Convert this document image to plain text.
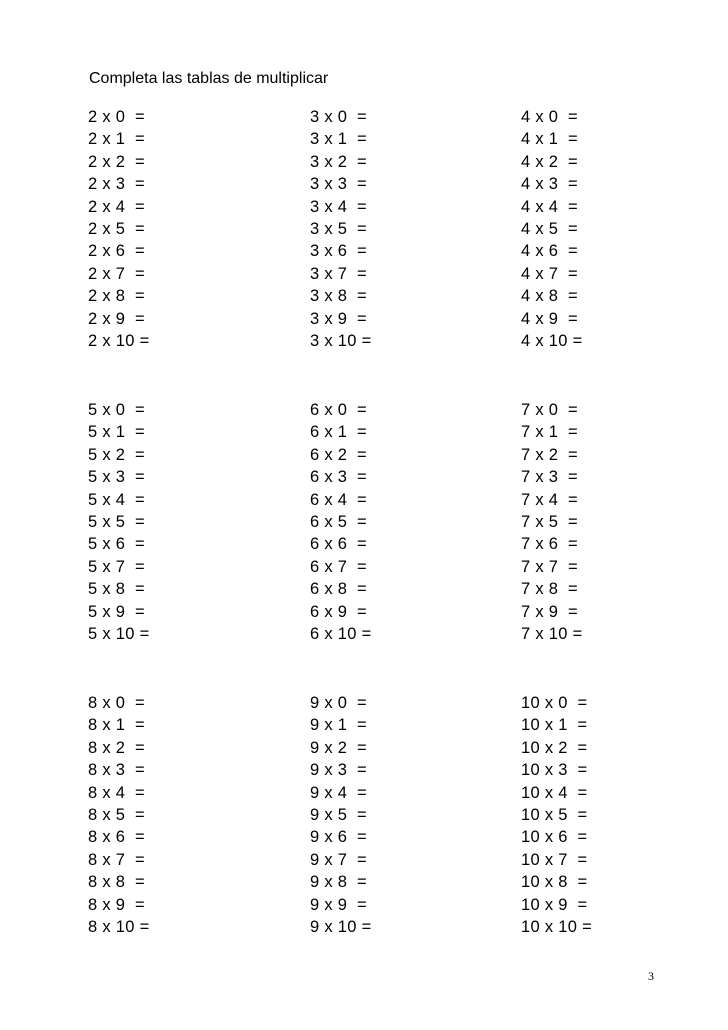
Completa las tablas de multiplicar
2 x 0  =
2 x 1  =
2 x 2  =
2 x 3  =
2 x 4  =
2 x 5  =
2 x 6  =
2 x 7  =
2 x 8  =
2 x 9  =
2 x 10 =
3 x 0  =
3 x 1  =
3 x 2  =
3 x 3  =
3 x 4  =
3 x 5  =
3 x 6  =
3 x 7  =
3 x 8  =
3 x 9  =
3 x 10 =
4 x 0  =
4 x 1  =
4 x 2  =
4 x 3  =
4 x 4  =
4 x 5  =
4 x 6  =
4 x 7  =
4 x 8  =
4 x 9  =
4 x 10 =
5 x 0  =
5 x 1  =
5 x 2  =
5 x 3  =
5 x 4  =
5 x 5  =
5 x 6  =
5 x 7  =
5 x 8  =
5 x 9  =
5 x 10 =
6 x 0  =
6 x 1  =
6 x 2  =
6 x 3  =
6 x 4  =
6 x 5  =
6 x 6  =
6 x 7  =
6 x 8  =
6 x 9  =
6 x 10 =
7 x 0  =
7 x 1  =
7 x 2  =
7 x 3  =
7 x 4  =
7 x 5  =
7 x 6  =
7 x 7  =
7 x 8  =
7 x 9  =
7 x 10 =
8 x 0  =
8 x 1  =
8 x 2  =
8 x 3  =
8 x 4  =
8 x 5  =
8 x 6  =
8 x 7  =
8 x 8  =
8 x 9  =
8 x 10 =
9 x 0  =
9 x 1  =
9 x 2  =
9 x 3  =
9 x 4  =
9 x 5  =
9 x 6  =
9 x 7  =
9 x 8  =
9 x 9  =
9 x 10 =
10 x 0  =
10 x 1  =
10 x 2  =
10 x 3  =
10 x 4  =
10 x 5  =
10 x 6  =
10 x 7  =
10 x 8  =
10 x 9  =
10 x 10 =
3
